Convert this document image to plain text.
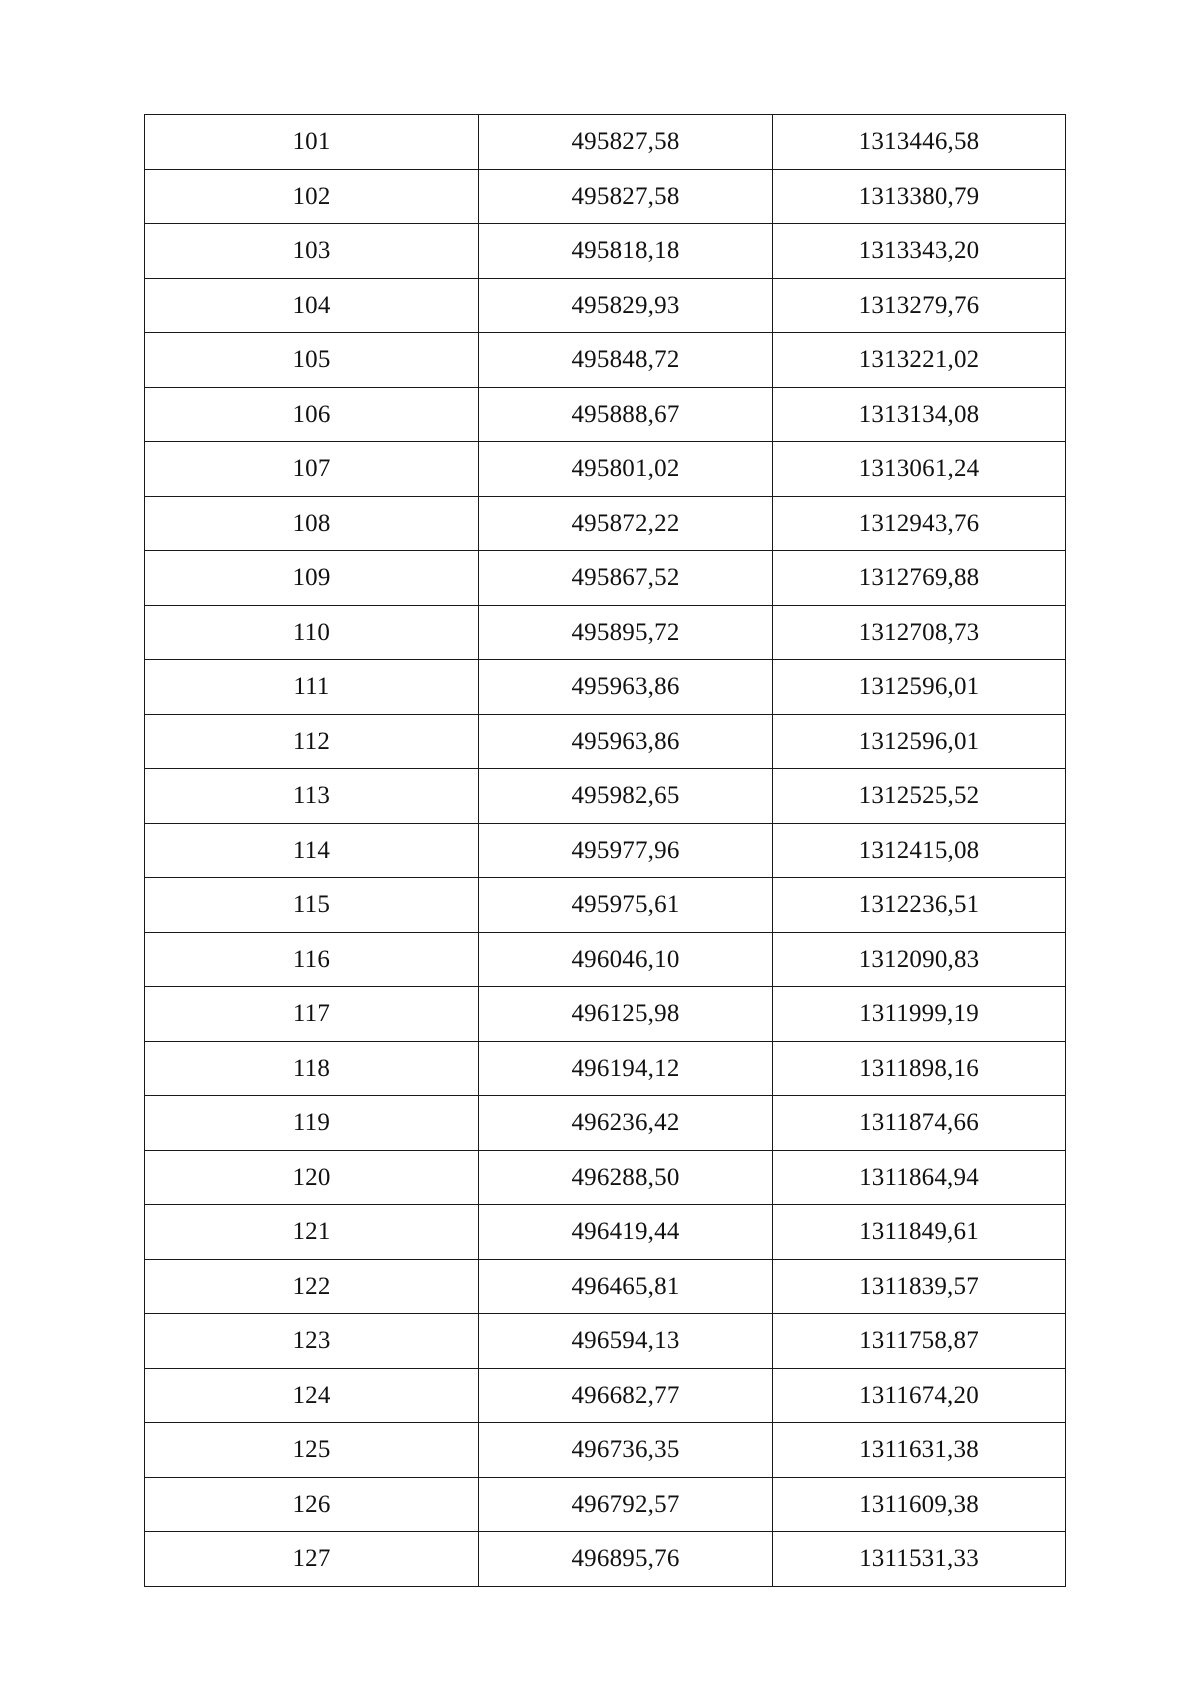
101	495827,58	1313446,58
102	495827,58	1313380,79
103	495818,18	1313343,20
104	495829,93	1313279,76
105	495848,72	1313221,02
106	495888,67	1313134,08
107	495801,02	1313061,24
108	495872,22	1312943,76
109	495867,52	1312769,88
110	495895,72	1312708,73
111	495963,86	1312596,01
112	495963,86	1312596,01
113	495982,65	1312525,52
114	495977,96	1312415,08
115	495975,61	1312236,51
116	496046,10	1312090,83
117	496125,98	1311999,19
118	496194,12	1311898,16
119	496236,42	1311874,66
120	496288,50	1311864,94
121	496419,44	1311849,61
122	496465,81	1311839,57
123	496594,13	1311758,87
124	496682,77	1311674,20
125	496736,35	1311631,38
126	496792,57	1311609,38
127	496895,76	1311531,33
